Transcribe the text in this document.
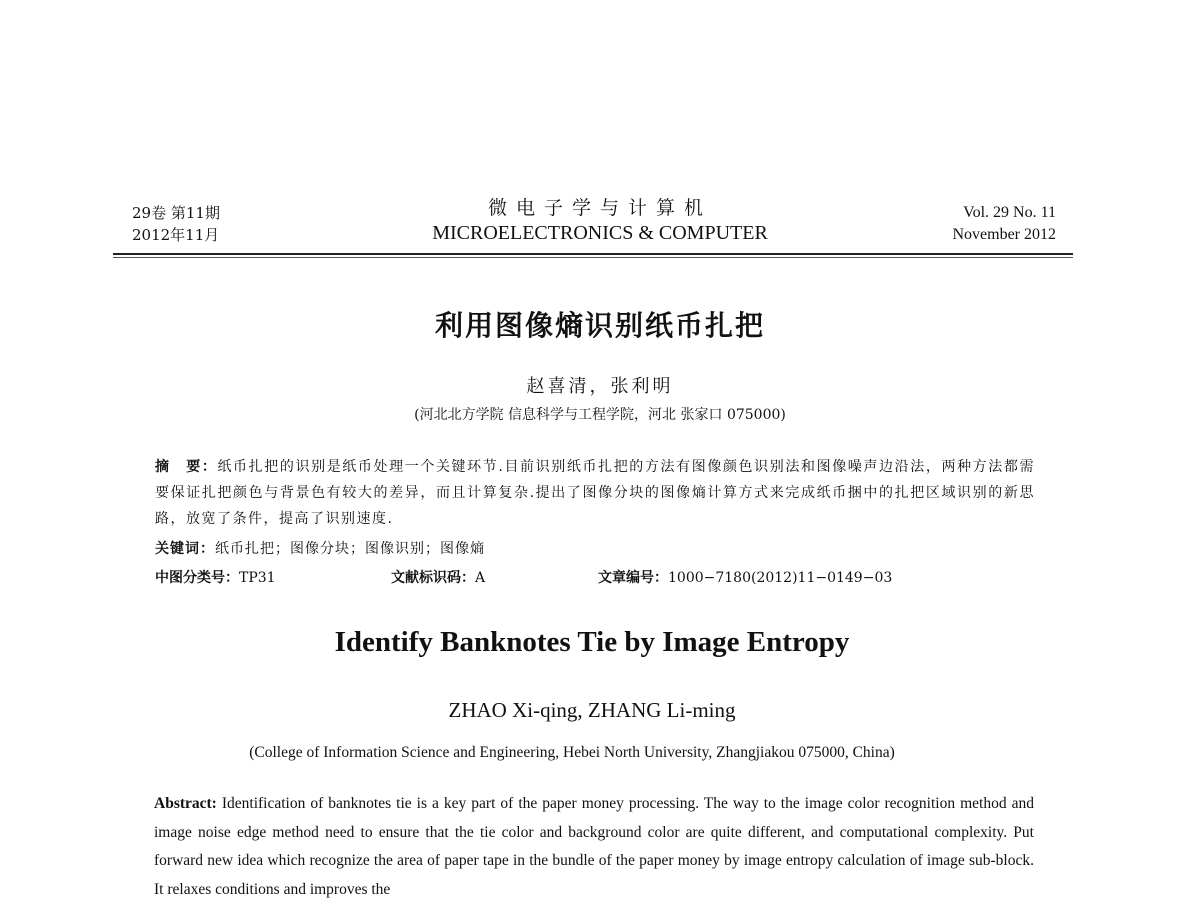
29卷 第11期
2012年11月
微电子学与计算机
MICROELECTRONICS & COMPUTER
Vol. 29 No. 11
November 2012
利用图像熵识别纸币扎把
赵喜清，张利明
(河北北方学院 信息科学与工程学院，河北 张家口 075000)
摘　要：纸币扎把的识别是纸币处理一个关键环节.目前识别纸币扎把的方法有图像颜色识别法和图像噪声边沿法，两种方法都需要保证扎把颜色与背景色有较大的差异，而且计算复杂.提出了图像分块的图像熵计算方式来完成纸币捆中的扎把区域识别的新思路，放宽了条件，提高了识别速度.
关键词：纸币扎把；图像分块；图像识别；图像熵
中图分类号：TP31	文献标识码：A	文章编号：1000−7180(2012)11−0149−03
Identify Banknotes Tie by Image Entropy
ZHAO Xi-qing, ZHANG Li-ming
(College of Information Science and Engineering, Hebei North University, Zhangjiakou 075000, China)
Abstract: Identification of banknotes tie is a key part of the paper money processing. The way to the image color recognition method and image noise edge method need to ensure that the tie color and background color are quite different, and computational complexity. Put forward new idea which recognize the area of paper tape in the bundle of the paper money by image entropy calculation of image sub-block. It relaxes conditions and improves the
